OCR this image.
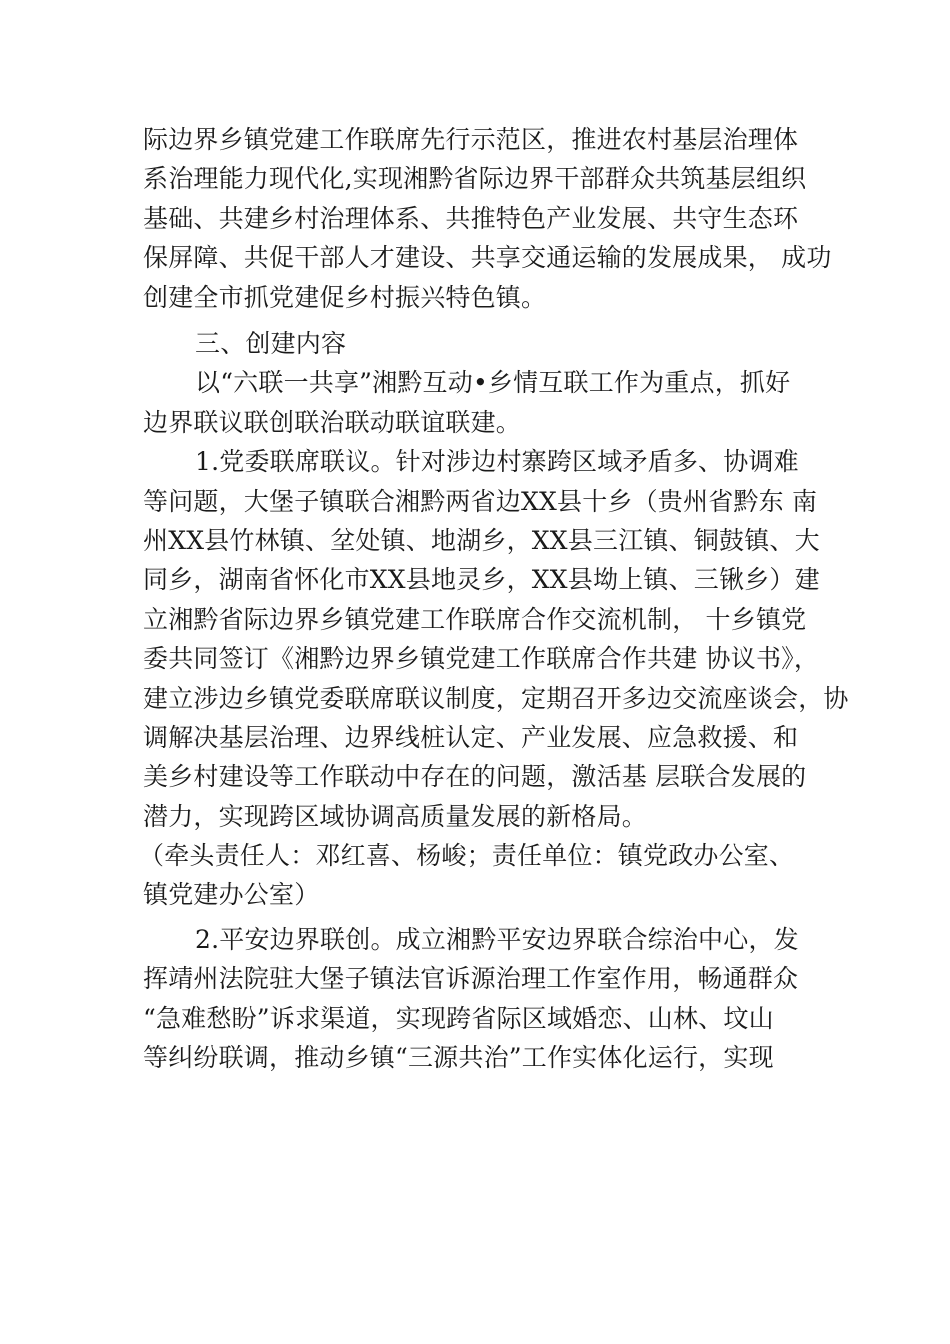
际边界乡镇党建工作联席先行示范区，推进农村基层治理体
系治理能力现代化,实现湘黔省际边界干部群众共筑基层组织
基础、共建乡村治理体系、共推特色产业发展、共守生态环
保屏障、共促干部人才建设、共享交通运输的发展成果， 成功
创建全市抓党建促乡村振兴特色镇。
三、创建内容
以“六联一共享”湘黔互动•乡情互联工作为重点，抓好
边界联议联创联治联动联谊联建。
1.党委联席联议。针对涉边村寨跨区域矛盾多、协调难
等问题，大堡子镇联合湘黔两省边XX县十乡（贵州省黔东 南
州XX县竹林镇、坌处镇、地湖乡，XX县三江镇、铜鼓镇、大
同乡，湖南省怀化市XX县地灵乡，XX县坳上镇、三锹乡）建
立湘黔省际边界乡镇党建工作联席合作交流机制， 十乡镇党
委共同签订《湘黔边界乡镇党建工作联席合作共建 协议书》，
建立涉边乡镇党委联席联议制度，定期召开多边交流座谈会，协
调解决基层治理、边界线桩认定、产业发展、应急救援、和
美乡村建设等工作联动中存在的问题，激活基 层联合发展的
潜力，实现跨区域协调高质量发展的新格局。
（牵头责任人：邓红喜、杨峻；责任单位：镇党政办公室、
镇党建办公室）
2.平安边界联创。成立湘黔平安边界联合综治中心，发
挥靖州法院驻大堡子镇法官诉源治理工作室作用，畅通群众
“急难愁盼”诉求渠道，实现跨省际区域婚恋、山林、坟山
等纠纷联调，推动乡镇“三源共治”工作实体化运行，实现
